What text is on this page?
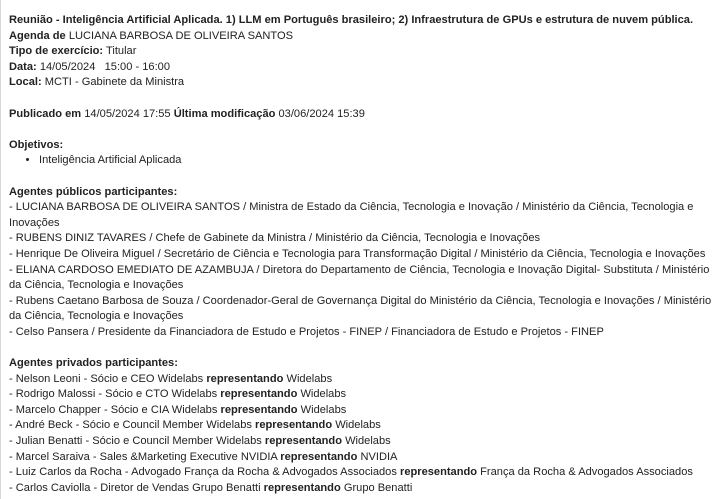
Reunião - Inteligência Artificial Aplicada. 1) LLM em Português brasileiro; 2) Infraestrutura de GPUs e estrutura de nuvem pública.
Agenda de LUCIANA BARBOSA DE OLIVEIRA SANTOS
Tipo de exercício: Titular
Data: 14/05/2024   15:00 - 16:00
Local: MCTI - Gabinete da Ministra
Publicado em 14/05/2024 17:55 Última modificação 03/06/2024 15:39
Objetivos:
• Inteligência Artificial Aplicada
Agentes públicos participantes:
- LUCIANA BARBOSA DE OLIVEIRA SANTOS / Ministra de Estado da Ciência, Tecnologia e Inovação / Ministério da Ciência, Tecnologia e Inovações
- RUBENS DINIZ TAVARES / Chefe de Gabinete da Ministra / Ministério da Ciência, Tecnologia e Inovações
- Henrique De Oliveira Miguel / Secretário de Ciência e Tecnologia para Transformação Digital / Ministério da Ciência, Tecnologia e Inovações
- ELIANA CARDOSO EMEDIATO DE AZAMBUJA / Diretora do Departamento de Ciência, Tecnologia e Inovação Digital- Substituta / Ministério da Ciência, Tecnologia e Inovações
- Rubens Caetano Barbosa de Souza / Coordenador-Geral de Governança Digital do Ministério da Ciência, Tecnologia e Inovações / Ministério da Ciência, Tecnologia e Inovações
- Celso Pansera / Presidente da Financiadora de Estudo e Projetos - FINEP / Financiadora de Estudo e Projetos - FINEP
Agentes privados participantes:
- Nelson Leoni - Sócio e CEO Widelabs representando Widelabs
- Rodrigo Malossi - Sócio e CTO Widelabs representando Widelabs
- Marcelo Chapper - Sócio e CIA Widelabs representando Widelabs
- André Beck - Sócio e Council Member Widelabs representando Widelabs
- Julian Benatti - Sócio e Council Member Widelabs representando Widelabs
- Marcel Saraiva - Sales &Marketing Executive NVIDIA representando NVIDIA
- Luiz Carlos da Rocha - Advogado França da Rocha & Advogados Associados representando França da Rocha & Advogados Associados
- Carlos Caviolla - Diretor de Vendas Grupo Benatti representando Grupo Benatti
